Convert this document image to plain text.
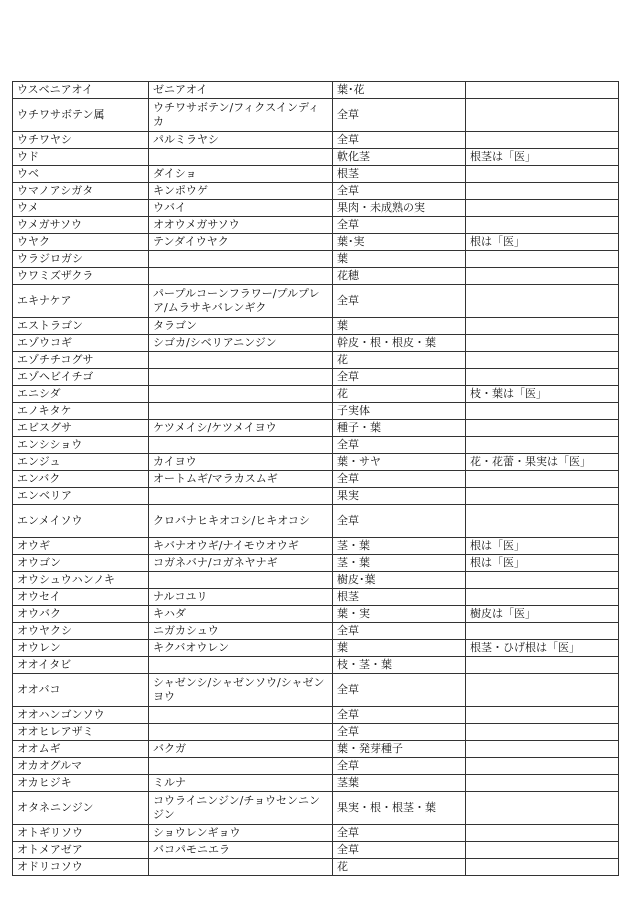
ウスベニアオイ	ゼニアオイ	葉･花	
ウチワサボテン属	ウチワサボテン/フィクスインディカ	全草	
ウチワヤシ	パルミラヤシ	全草	
ウド		軟化茎	根茎は「医」
ウベ	ダイショ	根茎	
ウマノアシガタ	キンポウゲ	全草	
ウメ	ウバイ	果肉・未成熟の実	
ウメガサソウ	オオウメガサソウ	全草	
ウヤク	テンダイウヤク	葉･実	根は「医」
ウラジロガシ		葉	
ウワミズザクラ		花穂	
エキナケア	パープルコーンフラワー/プルプレア/ムラサキバレンギク	全草	
エストラゴン	タラゴン	葉	
エゾウコギ	シゴカ/シベリアニンジン	幹皮・根・根皮・葉	
エゾチチコグサ		花	
エゾヘビイチゴ		全草	
エニシダ		花	枝・葉は「医」
エノキタケ		子実体	
エビスグサ	ケツメイシ/ケツメイヨウ	種子・葉	
エンシショウ		全草	
エンジュ	カイヨウ	葉・サヤ	花・花蕾・果実は「医」
エンバク	オートムギ/マラカスムギ	全草	
エンベリア		果実	
エンメイソウ	クロバナヒキオコシ/ヒキオコシ	全草	
オウギ	キバナオウギ/ナイモウオウギ	茎・葉	根は「医」
オウゴン	コガネバナ/コガネヤナギ	茎・葉	根は「医」
オウシュウハンノキ		樹皮･葉	
オウセイ	ナルコユリ	根茎	
オウバク	キハダ	葉・実	樹皮は「医」
オウヤクシ	ニガカシュウ	全草	
オウレン	キクバオウレン	葉	根茎・ひげ根は「医」
オオイタビ		枝・茎・葉	
オオバコ	シャゼンシ/シャゼンソウ/シャゼンヨウ	全草	
オオハンゴンソウ		全草	
オオヒレアザミ		全草	
オオムギ	バクガ	葉・発芽種子	
オカオグルマ		全草	
オカヒジキ	ミルナ	茎葉	
オタネニンジン	コウライニンジン/チョウセンニンジン	果実・根・根茎・葉	
オトギリソウ	ショウレンギョウ	全草	
オトメアゼア	バコパモニエラ	全草	
オドリコソウ		花	
